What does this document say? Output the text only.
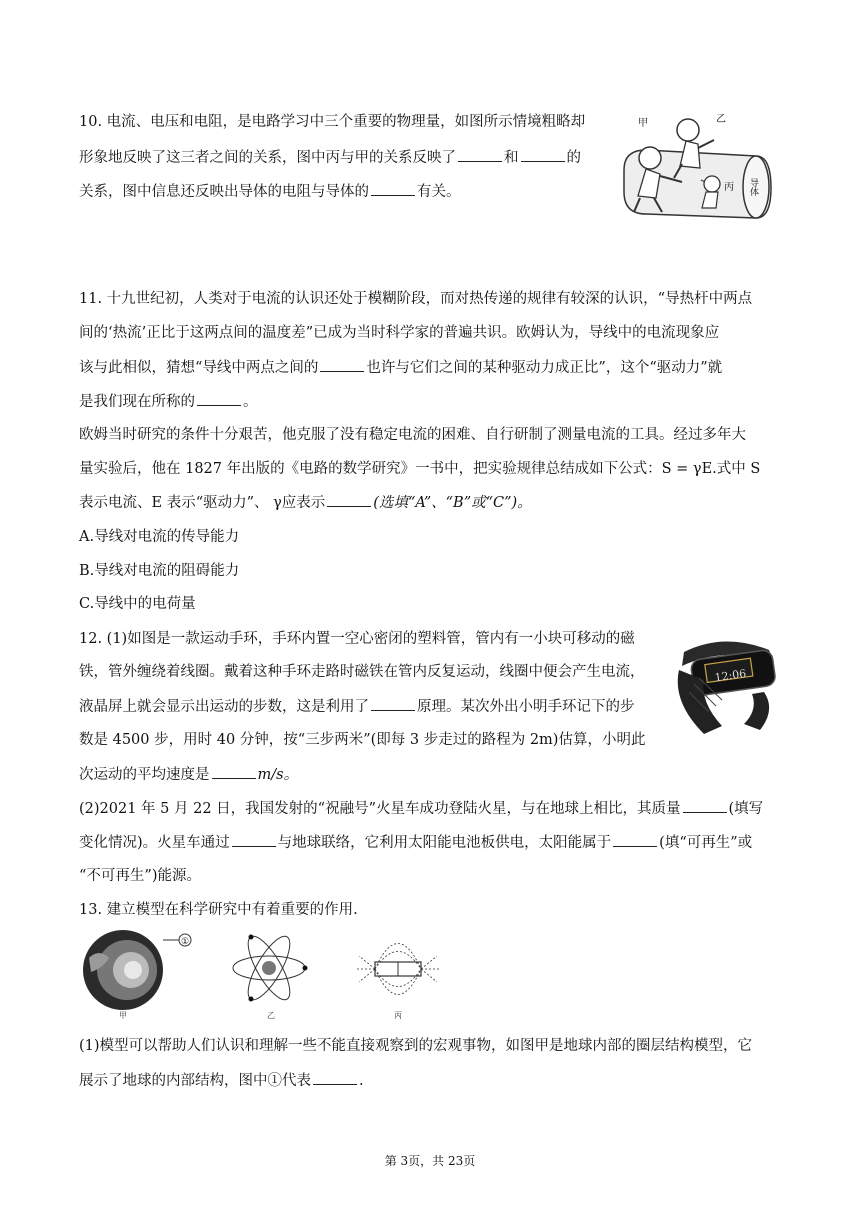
10. 电流、电压和电阻，是电路学习中三个重要的物理量，如图所示情境粗略却
形象地反映了这三者之间的关系，图中丙与甲的关系反映了	和	的
关系，图中信息还反映出导体的电阻与导体的	有关。
甲	乙
丙 导体
11. 十九世纪初，人类对于电流的认识还处于模糊阶段，而对热传递的规律有较深的认识，“导热杆中两点
间的‘热流’正比于这两点间的温度差”已成为当时科学家的普遍共识。欧姆认为，导线中的电流现象应
该与此相似，猜想“导线中两点之间的	也许与它们之间的某种驱动力成正比”，这个“驱动力”就
是我们现在所称的	。
欧姆当时研究的条件十分艰苦，他克服了没有稳定电流的困难、自行研制了测量电流的工具。经过多年大
量实验后，他在 1827 年出版的《电路的数学研究》一书中，把实验规律总结成如下公式：S = γE.式中 S
表示电流、E 表示“驱动力”、 γ应表示	(选填“A”、“B”或“C”)。
A.导线对电流的传导能力
B.导线对电流的阻碍能力
C.导线中的电荷量
12. (1)如图是一款运动手环，手环内置一空心密闭的塑料管，管内有一小块可移动的磁
铁，管外缠绕着线圈。戴着这种手环走路时磁铁在管内反复运动，线圈中便会产生电流，
液晶屏上就会显示出运动的步数，这是利用了	原理。某次外出小明手环记下的步
数是 4500 步，用时 40 分钟，按“三步两米”(即每 3 步走过的路程为 2m)估算，小明此
次运动的平均速度是	m/s。
(2)2021 年 5 月 22 日，我国发射的“祝融号”火星车成功登陆火星，与在地球上相比，其质量	(填写
变化情况)。火星车通过	与地球联络，它利用太阳能电池板供电，太阳能属于	(填“可再生”或
“不可再生”)能源。
12:06
13. 建立模型在科学研究中有着重要的作用.
①
甲	乙	丙
(1)模型可以帮助人们认识和理解一些不能直接观察到的宏观事物，如图甲是地球内部的圈层结构模型，它
展示了地球的内部结构，图中①代表	.
第 3页，共 23页
